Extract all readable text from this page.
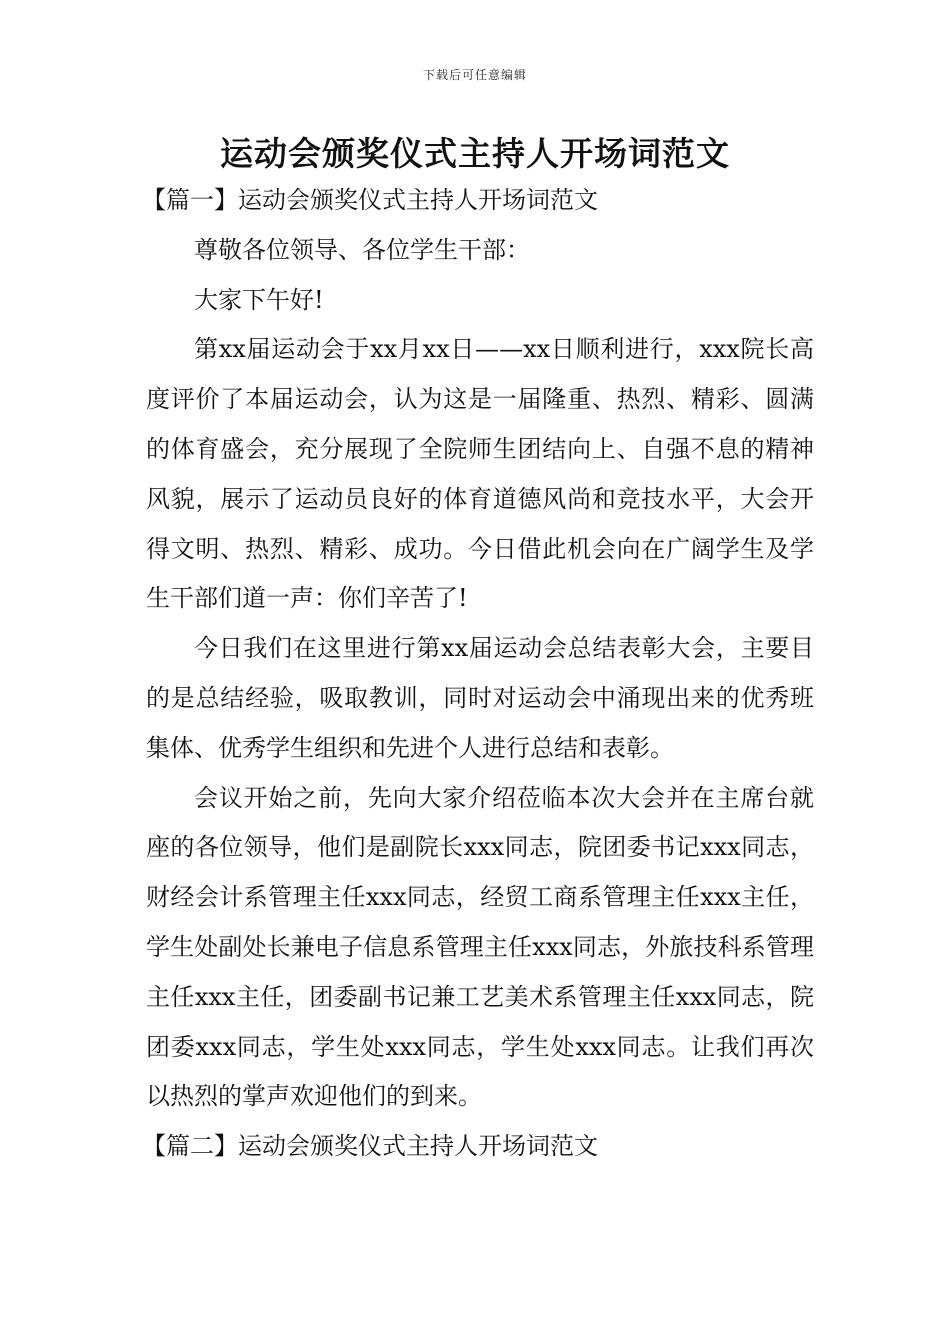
下载后可任意编辑
运动会颁奖仪式主持人开场词范文
【篇一】运动会颁奖仪式主持人开场词范文

尊敬各位领导、各位学生干部：

大家下午好!

第xx届运动会于xx月xx日——xx日顺利进行，xxx院长高度评价了本届运动会，认为这是一届隆重、热烈、精彩、圆满的体育盛会，充分展现了全院师生团结向上、自强不息的精神风貌，展示了运动员良好的体育道德风尚和竞技水平，大会开得文明、热烈、精彩、成功。今日借此机会向在广阔学生及学生干部们道一声：你们辛苦了!

今日我们在这里进行第xx届运动会总结表彰大会，主要目的是总结经验，吸取教训，同时对运动会中涌现出来的优秀班集体、优秀学生组织和先进个人进行总结和表彰。

会议开始之前，先向大家介绍莅临本次大会并在主席台就座的各位领导，他们是副院长xxx同志，院团委书记xxx同志，财经会计系管理主任xxx同志，经贸工商系管理主任xxx主任，学生处副处长兼电子信息系管理主任xxx同志，外旅技科系管理主任xxx主任，团委副书记兼工艺美术系管理主任xxx同志，院团委xxx同志，学生处xxx同志，学生处xxx同志。让我们再次以热烈的掌声欢迎他们的到来。

【篇二】运动会颁奖仪式主持人开场词范文
